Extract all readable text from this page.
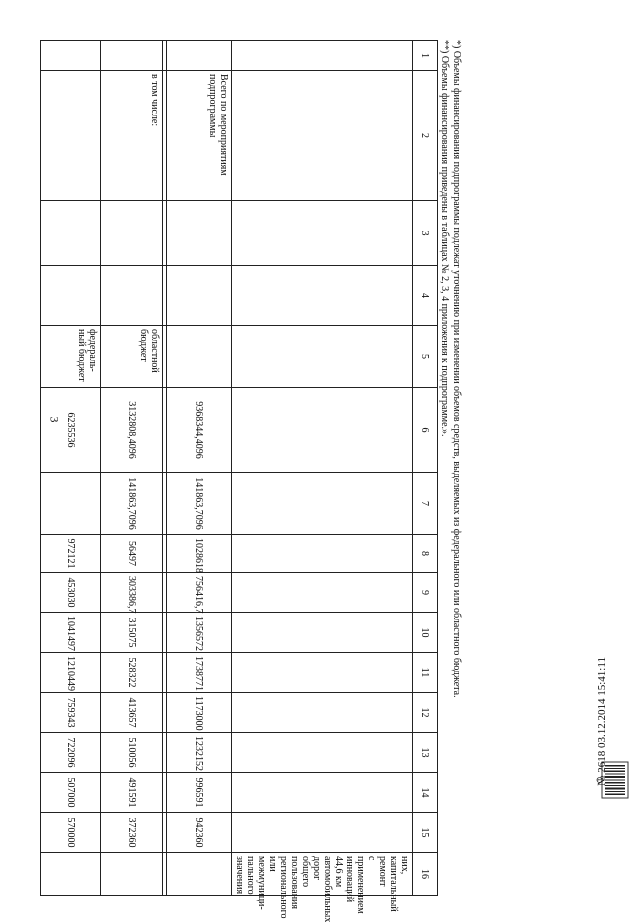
3
1	2	3	4	5	6	7	8	9	10	11	12	13	14	15	16
															них, капитальный ремонт с применением инноваций 44,6 км автомобильных дорог общего пользования регионального или межмуници-пального значения
	Всего по мероприятиям подпрограммы				9368344,4096	141863,7096	1028618	756416,7	1356572	1738771	1173000	1232152	996591	942360	

	в том числе:			областной бюджет	3132808,4096	141863,7096	56497	303386,7	315075	528322	413657	510056	491591	372360	
				федераль-ный бюджет	6235536		972121	453030	1041497	1210449	759343	722096	507000	570000	
*) Объемы финансирования подпрограммы подлежат уточнению при изменении объемов средств, выделяемых из федерального или областного бюджета.
**) Объемы финансирования приведены в таблицах № 2, 3, 4 приложения к подпрограмме.».
№ 2618 03.12.2014 15:41:11
